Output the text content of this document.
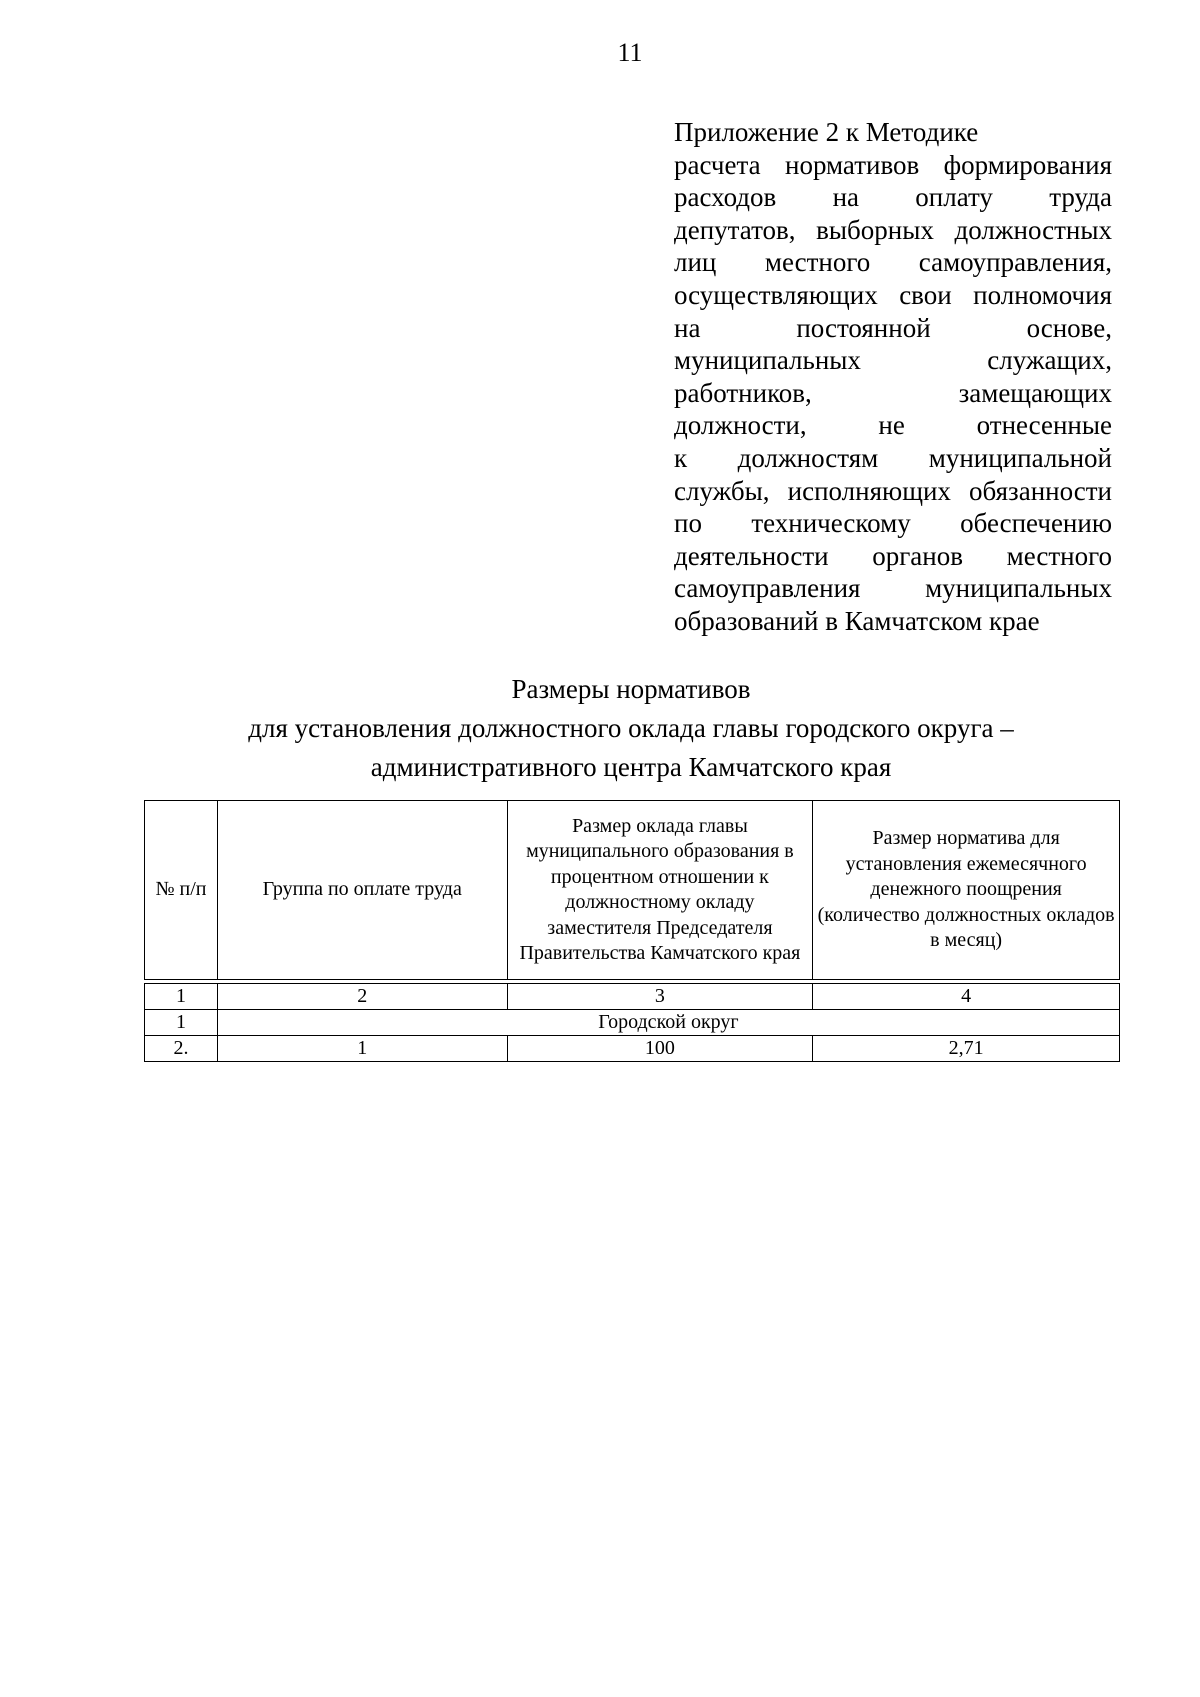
11
Приложение 2 к Методике
расчета нормативов формирования
расходов на оплату труда
депутатов, выборных должностных
лиц местного самоуправления,
осуществляющих свои полномочия
на постоянной основе,
муниципальных служащих,
работников, замещающих
должности, не отнесенные
к должностям муниципальной
службы, исполняющих обязанности
по техническому обеспечению
деятельности органов местного
самоуправления муниципальных
образований в Камчатском крае
Размеры нормативов
для установления должностного оклада главы городского округа –
административного центра Камчатского края
№ п/п	Группа по оплате труда	Размер оклада главы муниципального образования в процентном отношении к должностному окладу заместителя Председателя Правительства Камчатского края	Размер норматива для установления ежемесячного денежного поощрения (количество должностных окладов в месяц)

1	2	3	4
1	Городской округ		
2.	1	100	2,71
